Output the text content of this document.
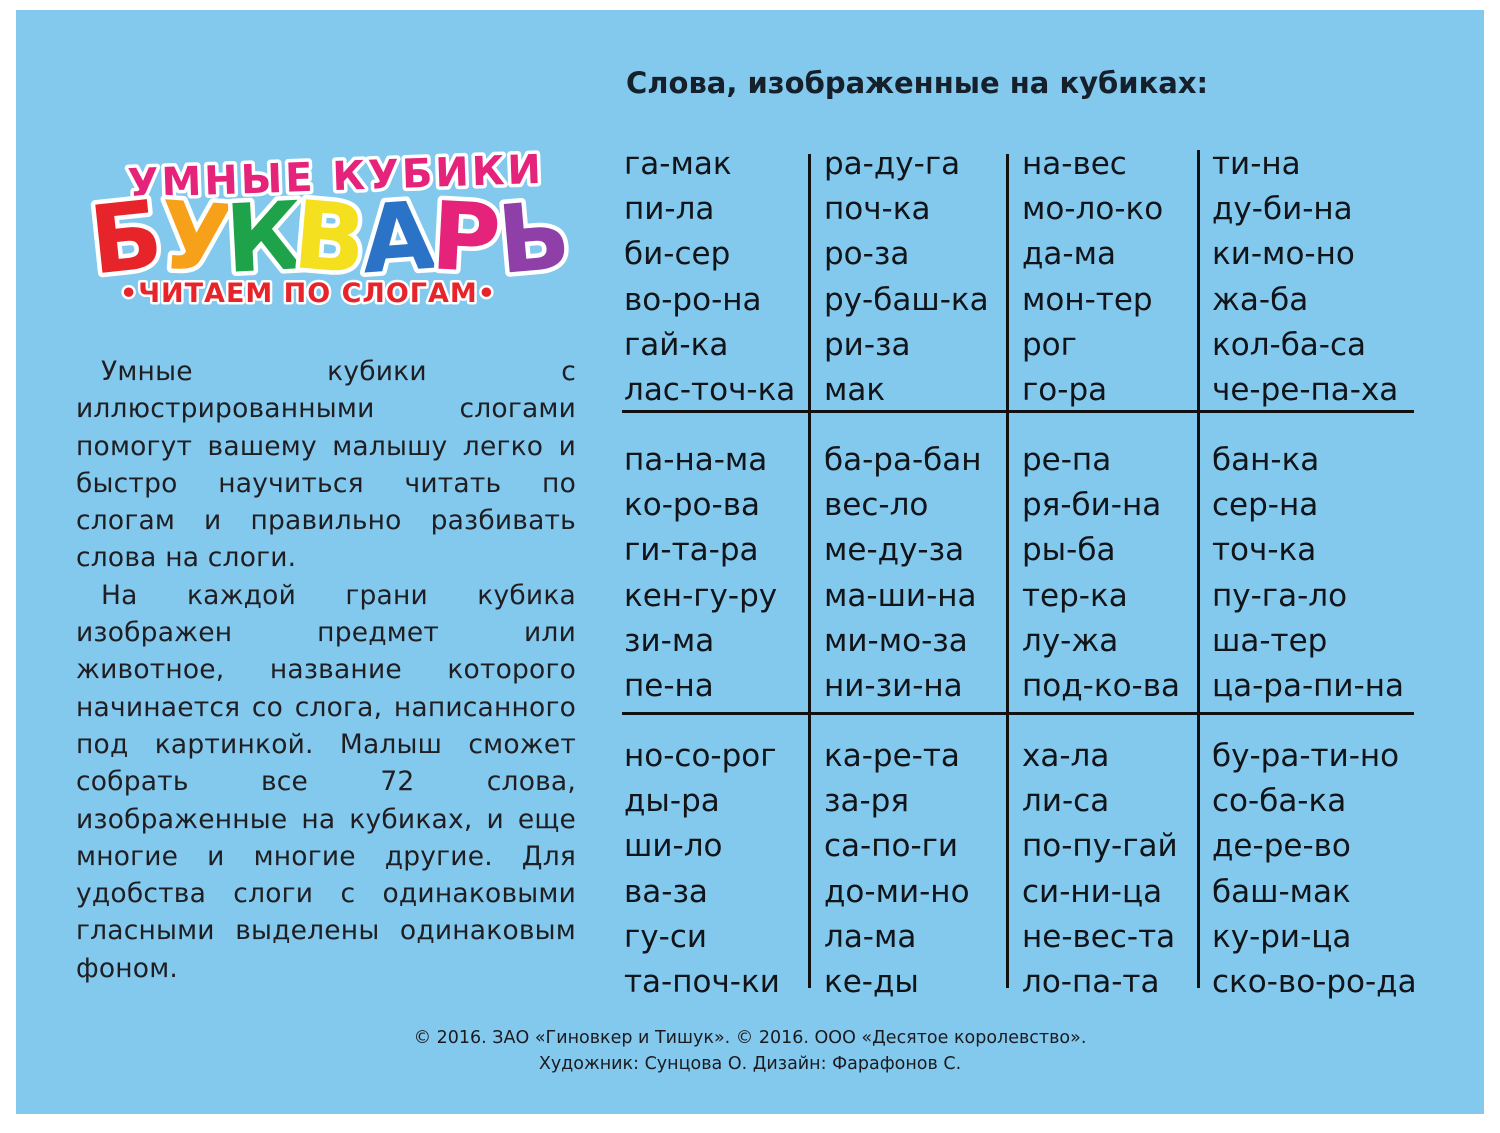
УМНЫЕ КУБИКИ
Б
У
К
В
А
Р
Ь
•ЧИТАЕМ ПО СЛОГАМ•

Умные кубики с иллюстрированными слогами помогут вашему малышу легко и быстро научиться читать по слогам и правильно разбивать слова на слоги.

На каждой грани кубика изображен предмет или животное, название которого начинается со слога, написанного под картинкой. Малыш сможет собрать все 72 слова, изображенные на кубиках, и еще многие и многие другие. Для удобства слоги с одинаковыми гласными выделены одинаковым фоном.

Слова, изображенные на кубиках:
га-мак
пи-ла
би-сер
во-ро-на
гай-ка
лас-точ-ка
ра-ду-га
поч-ка
ро-за
ру-баш-ка
ри-за
мак
на-вес
мо-ло-ко
да-ма
мон-тер
рог
го-ра
ти-на
ду-би-на
ки-мо-но
жа-ба
кол-ба-са
че-ре-па-ха
па-на-ма
ко-ро-ва
ги-та-ра
кен-гу-ру
зи-ма
пе-на
ба-ра-бан
вес-ло
ме-ду-за
ма-ши-на
ми-мо-за
ни-зи-на
ре-па
ря-би-на
ры-ба
тер-ка
лу-жа
под-ко-ва
бан-ка
сер-на
точ-ка
пу-га-ло
ша-тер
ца-ра-пи-на
но-со-рог
ды-ра
ши-ло
ва-за
гу-си
та-поч-ки
ка-ре-та
за-ря
са-по-ги
до-ми-но
ла-ма
ке-ды
ха-ла
ли-са
по-пу-гай
си-ни-ца
не-вес-та
ло-па-та
бу-ра-ти-но
со-ба-ка
де-ре-во
баш-мак
ку-ри-ца
ско-во-ро-да
© 2016. ЗАО «Гиновкер и Тишук». © 2016. ООО «Десятое королевство».
Художник: Сунцова О. Дизайн: Фарафонов С.
